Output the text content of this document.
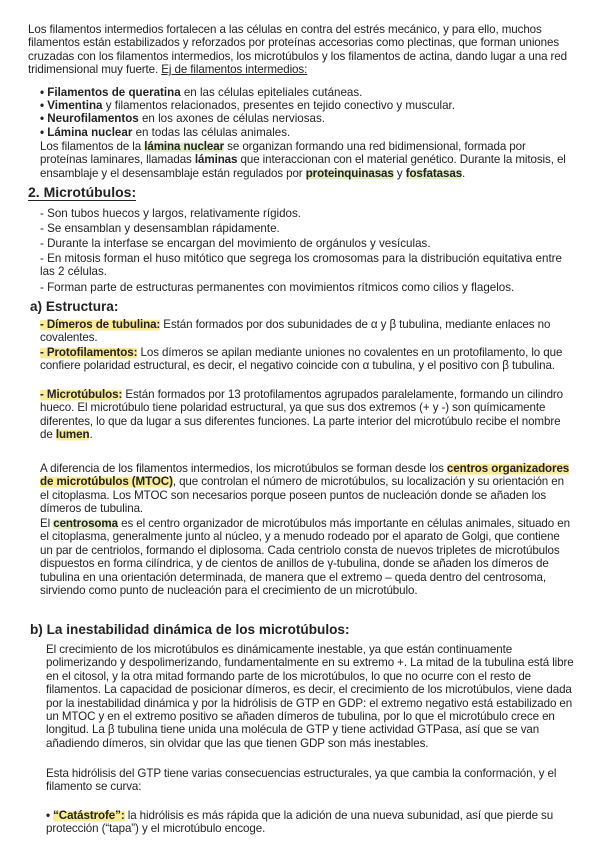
Los filamentos intermedios fortalecen a las células en contra del estrés mecánico, y para ello, muchos filamentos están estabilizados y reforzados por proteínas accesorias como plectinas, que forman uniones cruzadas con los filamentos intermedios, los microtúbulos y los filamentos de actina, dando lugar a una red tridimensional muy fuerte. Ej de filamentos intermedios:

• Filamentos de queratina en las células epiteliales cutáneas.
• Vimentina y filamentos relacionados, presentes en tejido conectivo y muscular.
• Neurofilamentos en los axones de células nerviosas.
• Lámina nuclear en todas las células animales.

Los filamentos de la lámina nuclear se organizan formando una red bidimensional, formada por proteínas laminares, llamadas láminas que interaccionan con el material genético. Durante la mitosis, el ensamblaje y el desensamblaje están regulados por proteinquinasas y fosfatasas.

2. Microtúbulos:
- Son tubos huecos y largos, relativamente rígidos.
- Se ensamblan y desensamblan rápidamente.
- Durante la interfase se encargan del movimiento de orgánulos y vesículas.
- En mitosis forman el huso mitótico que segrega los cromosomas para la distribución equitativa entre las 2 células.
- Forman parte de estructuras permanentes con movimientos rítmicos como cilios y flagelos.
a) Estructura:

- Dímeros de tubulina: Están formados por dos subunidades de α y β tubulina, mediante enlaces no covalentes.

- Protofilamentos: Los dímeros se apilan mediante uniones no covalentes en un protofilamento, lo que confiere polaridad estructural, es decir, el negativo coincide con α tubulina, y el positivo con β tubulina.

- Microtúbulos: Están formados por 13 protofilamentos agrupados paralelamente, formando un cilindro hueco. El microtúbulo tiene polaridad estructural, ya que sus dos extremos (+ y -) son químicamente diferentes, lo que da lugar a sus diferentes funciones. La parte interior del microtúbulo recibe el nombre de lumen.

A diferencia de los filamentos intermedios, los microtúbulos se forman desde los centros organizadores de microtúbulos (MTOC), que controlan el número de microtúbulos, su localización y su orientación en el citoplasma. Los MTOC son necesarios porque poseen puntos de nucleación donde se añaden los dímeros de tubulina.

El centrosoma es el centro organizador de microtúbulos más importante en células animales, situado en el citoplasma, generalmente junto al núcleo, y a menudo rodeado por el aparato de Golgi, que contiene un par de centriolos, formando el diplosoma. Cada centriolo consta de nuevos tripletes de microtúbulos dispuestos en forma cilíndrica, y de cientos de anillos de γ-tubulina, donde se añaden los dímeros de tubulina en una orientación determinada, de manera que el extremo – queda dentro del centrosoma, sirviendo como punto de nucleación para el crecimiento de un microtúbulo.

b) La inestabilidad dinámica de los microtúbulos:

El crecimiento de los microtúbulos es dinámicamente inestable, ya que están continuamente polimerizando y despolimerizando, fundamentalmente en su extremo +. La mitad de la tubulina está libre en el citosol, y la otra mitad formando parte de los microtúbulos, lo que no ocurre con el resto de filamentos. La capacidad de posicionar dímeros, es decir, el crecimiento de los microtúbulos, viene dada por la inestabilidad dinámica y por la hidrólisis de GTP en GDP: el extremo negativo está estabilizado en un MTOC y en el extremo positivo se añaden dímeros de tubulina, por lo que el microtúbulo crece en longitud. La β tubulina tiene unida una molécula de GTP y tiene actividad GTPasa, así que se van añadiendo dímeros, sin olvidar que las que tienen GDP son más inestables.

Esta hidrólisis del GTP tiene varias consecuencias estructurales, ya que cambia la conformación, y el filamento se curva:

• “Catástrofe”: la hidrólisis es más rápida que la adición de una nueva subunidad, así que pierde su protección (“tapa”) y el microtúbulo encoge.
